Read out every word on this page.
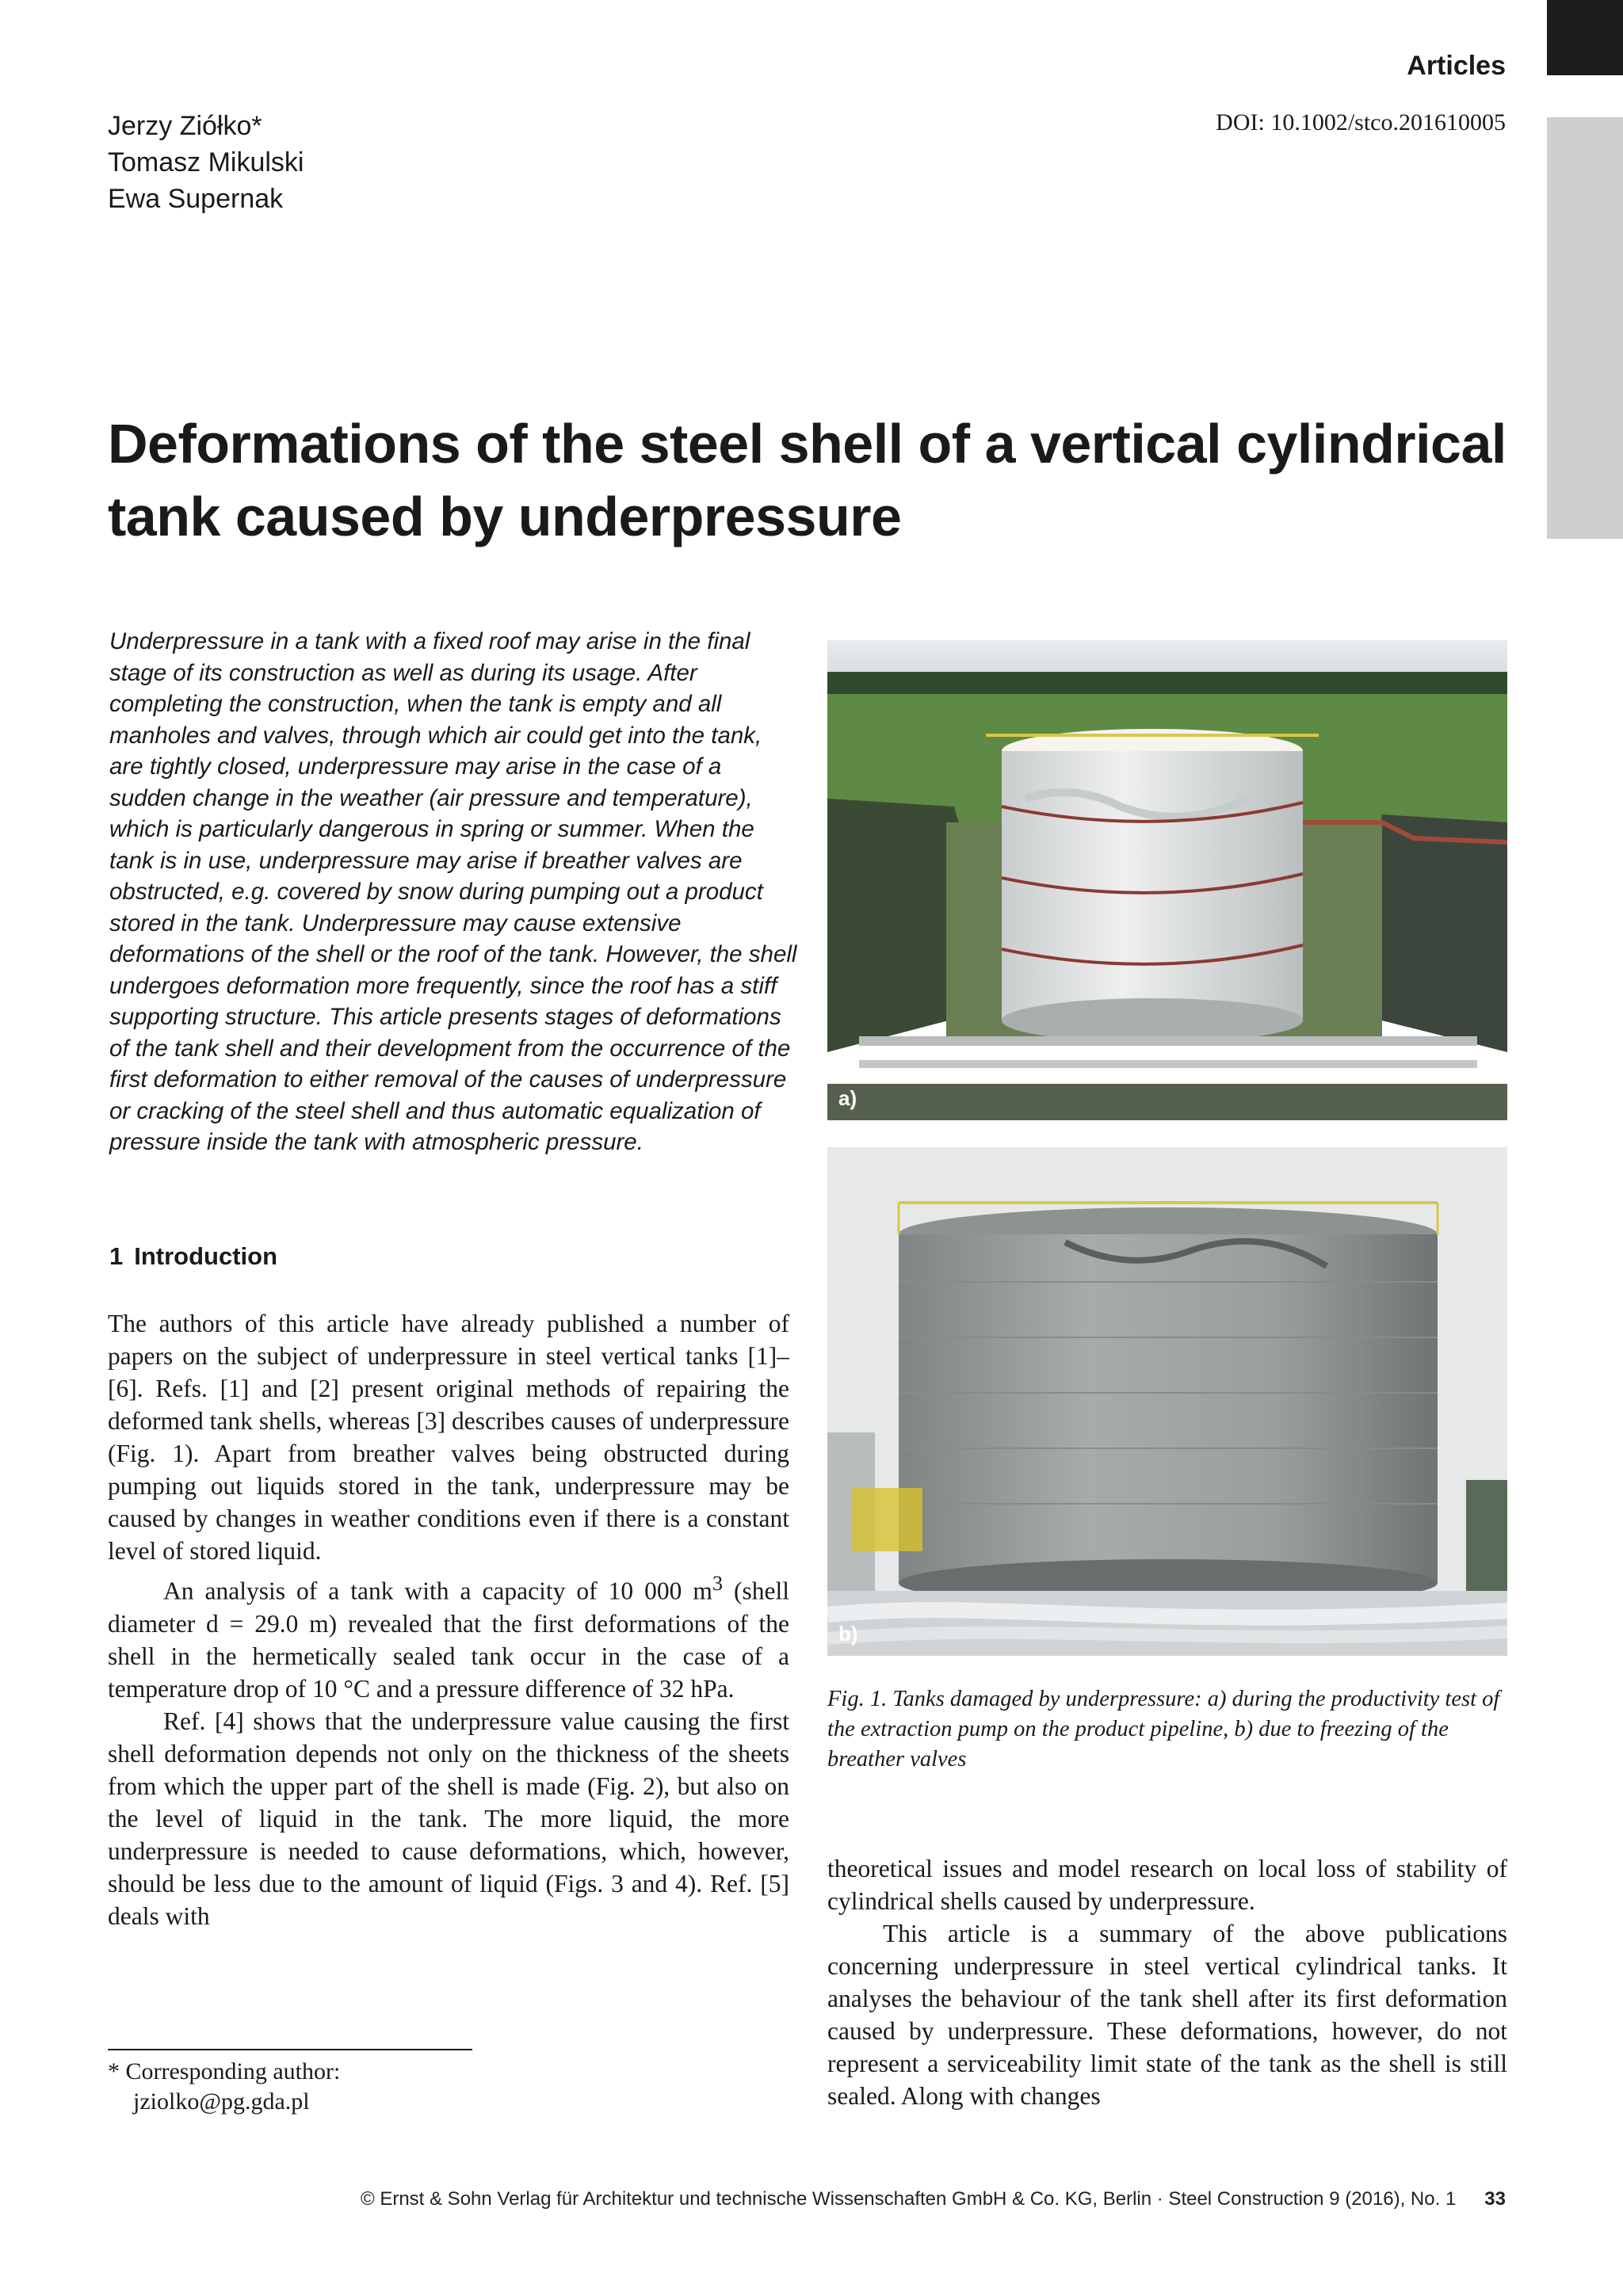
Articles
DOI: 10.1002/stco.201610005
Jerzy Ziółko*
Tomasz Mikulski
Ewa Supernak
Deformations of the steel shell of a vertical cylindrical
tank caused by underpressure
Underpressure in a tank with a fixed roof may arise in the final stage of its construction as well as during its usage. After completing the construction, when the tank is empty and all manholes and valves, through which air could get into the tank, are tightly closed, underpressure may arise in the case of a sudden change in the weather (air pressure and temperature), which is particularly dangerous in spring or summer. When the tank is in use, underpressure may arise if breather valves are obstructed, e.g. covered by snow during pumping out a product stored in the tank. Underpressure may cause extensive deformations of the shell or the roof of the tank. However, the shell undergoes deformation more frequently, since the roof has a stiff supporting structure. This article presents stages of deformations of the tank shell and their development from the occurrence of the first deformation to either removal of the causes of underpressure or cracking of the steel shell and thus automatic equalization of pressure inside the tank with atmospheric pressure.
a)
b)
Fig. 1. Tanks damaged by underpressure: a) during the productivity test of the extraction pump on the product pipeline, b) due to freezing of the breather valves
1 Introduction

The authors of this article have already published a number of papers on the subject of underpressure in steel vertical tanks [1]–[6]. Refs. [1] and [2] present original methods of repairing the deformed tank shells, whereas [3] describes causes of underpressure (Fig. 1). Apart from breather valves being obstructed during pumping out liquids stored in the tank, underpressure may be caused by changes in weather conditions even if there is a constant level of stored liquid.

An analysis of a tank with a capacity of 10 000 $m^3$ (shell diameter d = 29.0 m) revealed that the first deformations of the shell in the hermetically sealed tank occur in the case of a temperature drop of 10 °C and a pressure difference of 32 hPa.

Ref. [4] shows that the underpressure value causing the first shell deformation depends not only on the thickness of the sheets from which the upper part of the shell is made (Fig. 2), but also on the level of liquid in the tank. The more liquid, the more underpressure is needed to cause deformations, which, however, should be less due to the amount of liquid (Figs. 3 and 4). Ref. [5] deals with

theoretical issues and model research on local loss of stability of cylindrical shells caused by underpressure.

This article is a summary of the above publications concerning underpressure in steel vertical cylindrical tanks. It analyses the behaviour of the tank shell after its first deformation caused by underpressure. These deformations, however, do not represent a serviceability limit state of the tank as the shell is still sealed. Along with changes

* Corresponding author:
jziolko@pg.gda.pl
© Ernst & Sohn Verlag für Architektur und technische Wissenschaften GmbH & Co. KG, Berlin · Steel Construction 9 (2016), No. 1 33
